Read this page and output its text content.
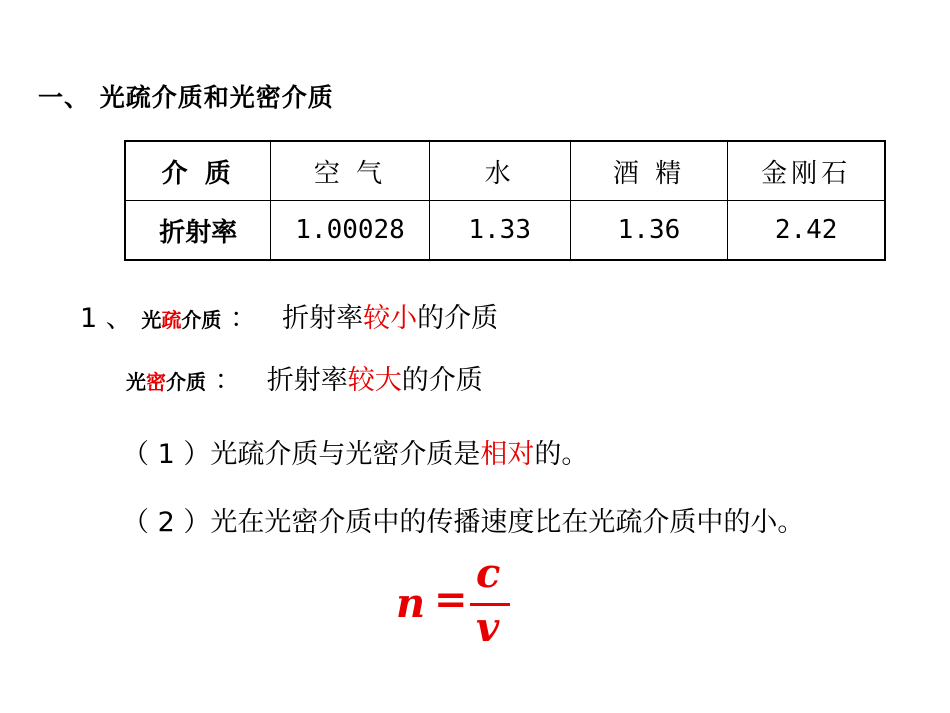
一、 光疏介质和光密介质
介 质	空 气	水	酒 精	金刚石
折射率	1.00028	1.33	1.36	2.42
1 、 光疏介质 ： 折射率较小的介质
光密介质 ： 折射率较大的介质
（ 1 ）光疏介质与光密介质是相对的。
（ 2 ）光在光密介质中的传播速度比在光疏介质中的小。
n =
c
v
